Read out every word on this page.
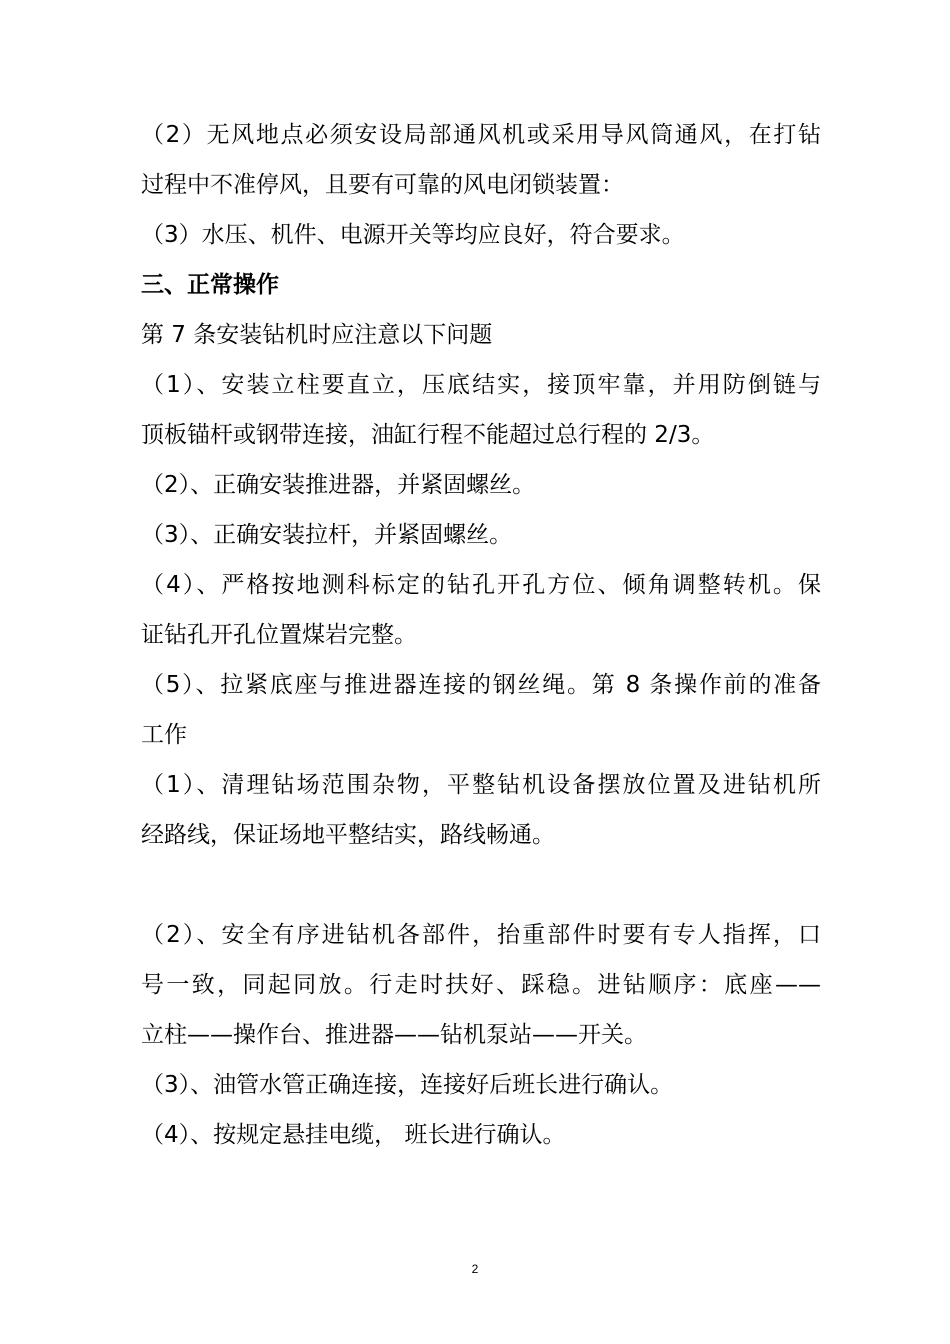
（2）无风地点必须安设局部通风机或采用导风筒通风，在打钻
过程中不准停风，且要有可靠的风电闭锁装置：
（3）水压、机件、电源开关等均应良好，符合要求。
三、正常操作
第 7 条安装钻机时应注意以下问题
（1）、安装立柱要直立，压底结实，接顶牢靠，并用防倒链与
顶板锚杆或钢带连接，油缸行程不能超过总行程的 2/3。
（2）、正确安装推进器，并紧固螺丝。
（3）、正确安装拉杆，并紧固螺丝。
（4）、严格按地测科标定的钻孔开孔方位、倾角调整转机。保
证钻孔开孔位置煤岩完整。
（5）、拉紧底座与推进器连接的钢丝绳。第 8 条操作前的准备
工作
（1）、清理钻场范围杂物，平整钻机设备摆放位置及进钻机所
经路线，保证场地平整结实，路线畅通。
（2）、安全有序进钻机各部件，抬重部件时要有专人指挥，口
号一致，同起同放。行走时扶好、踩稳。进钻顺序：底座——
立柱——操作台、推进器——钻机泵站——开关。
（3）、油管水管正确连接，连接好后班长进行确认。
（4）、按规定悬挂电缆， 班长进行确认。
2
